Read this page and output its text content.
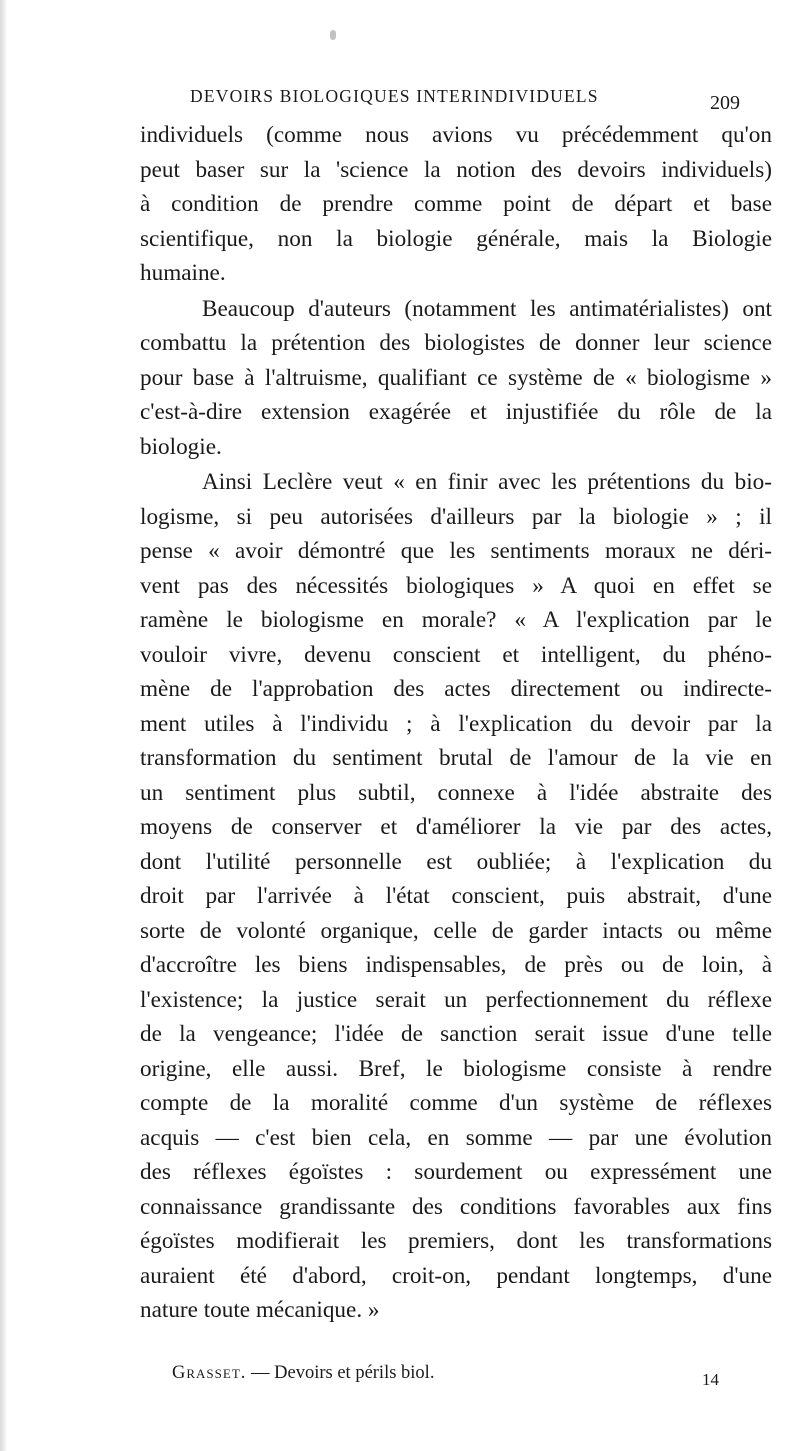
DEVOIRS BIOLOGIQUES INTERINDIVIDUELS	209
individuels (comme nous avions vu précédemment qu'on
peut baser sur la 'science la notion des devoirs individuels)
à condition de prendre comme point de départ et base
scientifique, non la biologie générale, mais la Biologie
humaine.
Beaucoup d'auteurs (notamment les antimatérialistes) ont
combattu la prétention des biologistes de donner leur science
pour base à l'altruisme, qualifiant ce système de « biologisme »
c'est-à-dire extension exagérée et injustifiée du rôle de la
biologie.
Ainsi Leclère veut « en finir avec les prétentions du bio-
logisme, si peu autorisées d'ailleurs par la biologie » ; il
pense « avoir démontré que les sentiments moraux ne déri-
vent pas des nécessités biologiques » A quoi en effet se
ramène le biologisme en morale? « A l'explication par le
vouloir vivre, devenu conscient et intelligent, du phéno-
mène de l'approbation des actes directement ou indirecte-
ment utiles à l'individu ; à l'explication du devoir par la
transformation du sentiment brutal de l'amour de la vie en
un sentiment plus subtil, connexe à l'idée abstraite des
moyens de conserver et d'améliorer la vie par des actes,
dont l'utilité personnelle est oubliée; à l'explication du
droit par l'arrivée à l'état conscient, puis abstrait, d'une
sorte de volonté organique, celle de garder intacts ou même
d'accroître les biens indispensables, de près ou de loin, à
l'existence; la justice serait un perfectionnement du réflexe
de la vengeance; l'idée de sanction serait issue d'une telle
origine, elle aussi. Bref, le biologisme consiste à rendre
compte de la moralité comme d'un système de réflexes
acquis — c'est bien cela, en somme — par une évolution
des réflexes égoïstes : sourdement ou expressément une
connaissance grandissante des conditions favorables aux fins
égoïstes modifierait les premiers, dont les transformations
auraient été d'abord, croit-on, pendant longtemps, d'une
nature toute mécanique. »
Grasset. — Devoirs et périls biol.	14
